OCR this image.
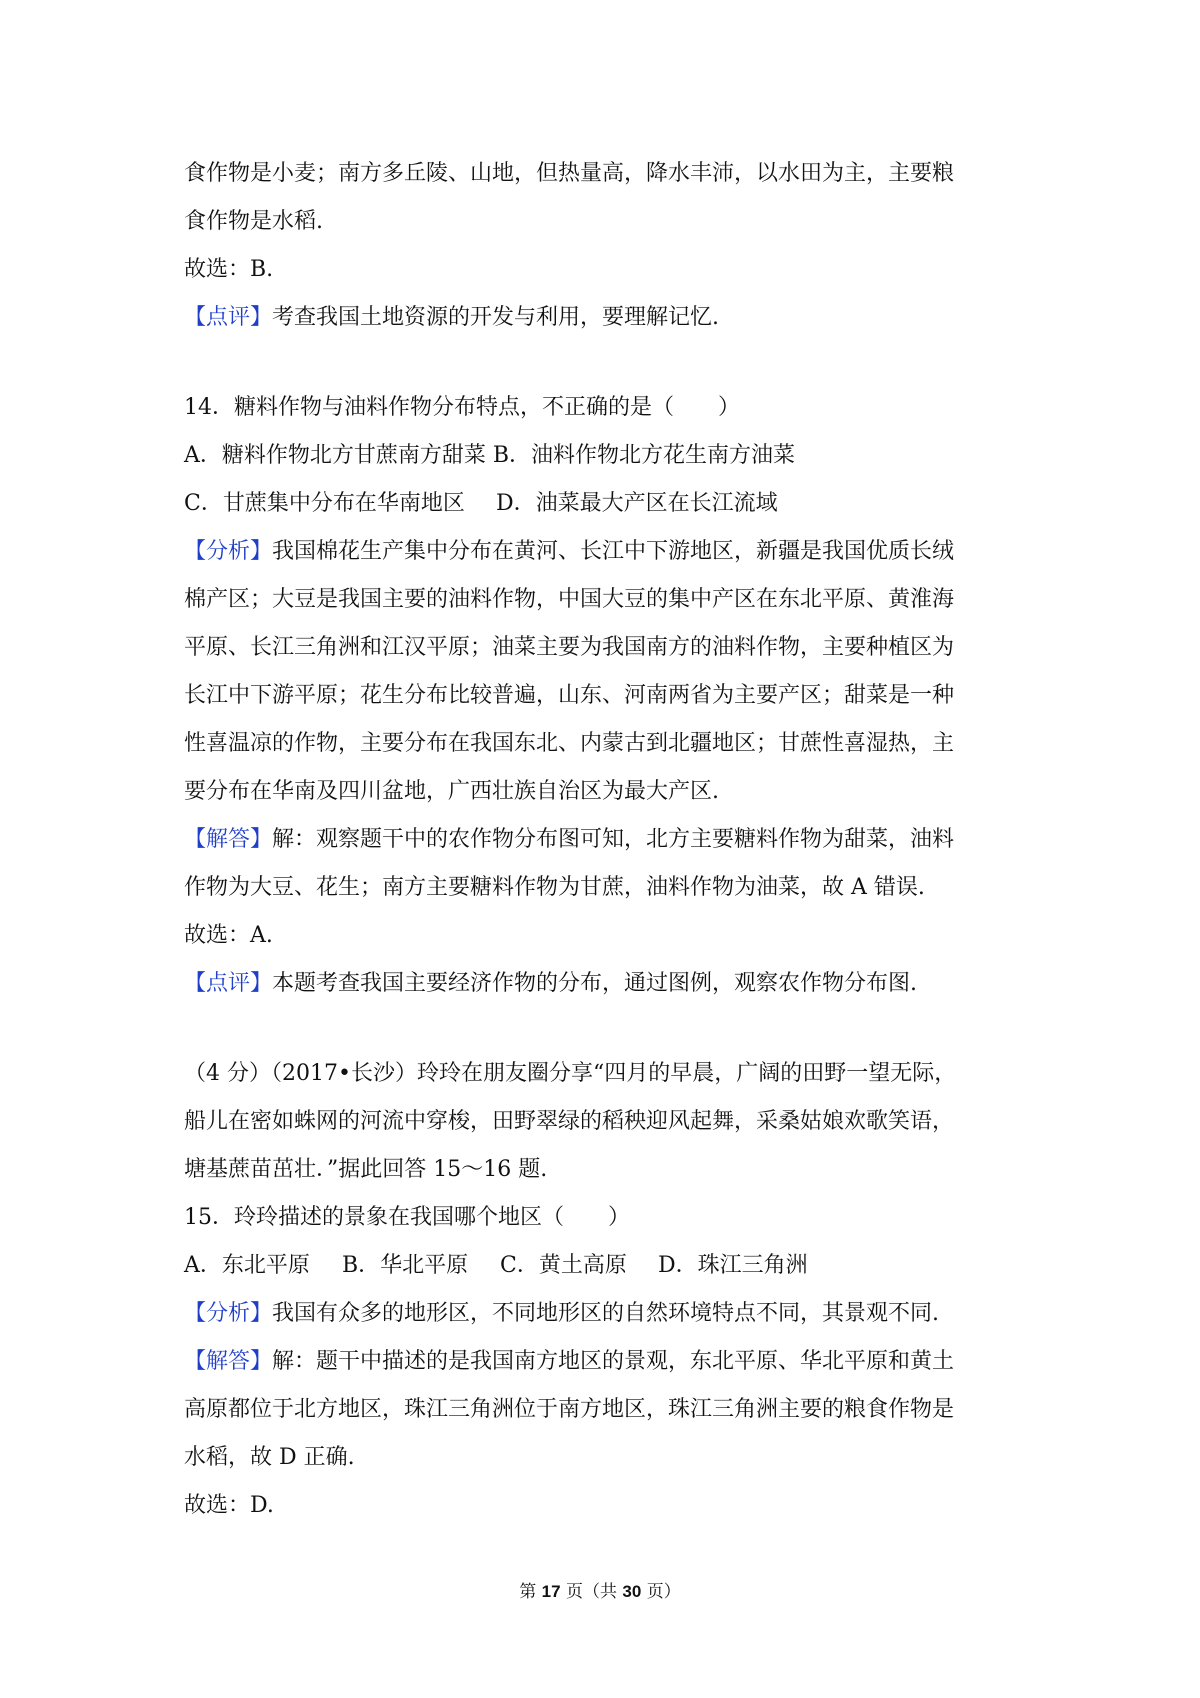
食作物是小麦；南方多丘陵、山地，但热量高，降水丰沛，以水田为主，主要粮
食作物是水稻.
故选：B.
【点评】考查我国土地资源的开发与利用，要理解记忆.
14．糖料作物与油料作物分布特点，不正确的是（　　）
A．糖料作物北方甘蔗南方甜菜 B．油料作物北方花生南方油菜
C．甘蔗集中分布在华南地区 D．油菜最大产区在长江流域
【分析】我国棉花生产集中分布在黄河、长江中下游地区，新疆是我国优质长绒
棉产区；大豆是我国主要的油料作物，中国大豆的集中产区在东北平原、黄淮海
平原、长江三角洲和江汉平原；油菜主要为我国南方的油料作物，主要种植区为
长江中下游平原；花生分布比较普遍，山东、河南两省为主要产区；甜菜是一种
性喜温凉的作物，主要分布在我国东北、内蒙古到北疆地区；甘蔗性喜湿热，主
要分布在华南及四川盆地，广西壮族自治区为最大产区.
【解答】解：观察题干中的农作物分布图可知，北方主要糖料作物为甜菜，油料
作物为大豆、花生；南方主要糖料作物为甘蔗，油料作物为油菜，故 A 错误.
故选：A.
【点评】本题考查我国主要经济作物的分布，通过图例，观察农作物分布图.
（4 分）（2017•长沙）玲玲在朋友圈分享“四月的早晨，广阔的田野一望无际，
船儿在密如蛛网的河流中穿梭，田野翠绿的稻秧迎风起舞，采桑姑娘欢歌笑语，
塘基蔗苗茁壮．”据此回答 15～16 题.
15．玲玲描述的景象在我国哪个地区（　　）
A．东北平原 B．华北平原 C．黄土高原 D．珠江三角洲
【分析】我国有众多的地形区，不同地形区的自然环境特点不同，其景观不同.
【解答】解：题干中描述的是我国南方地区的景观，东北平原、华北平原和黄土
高原都位于北方地区，珠江三角洲位于南方地区，珠江三角洲主要的粮食作物是
水稻，故 D 正确.
故选：D.
第 17 页（共 30 页）
